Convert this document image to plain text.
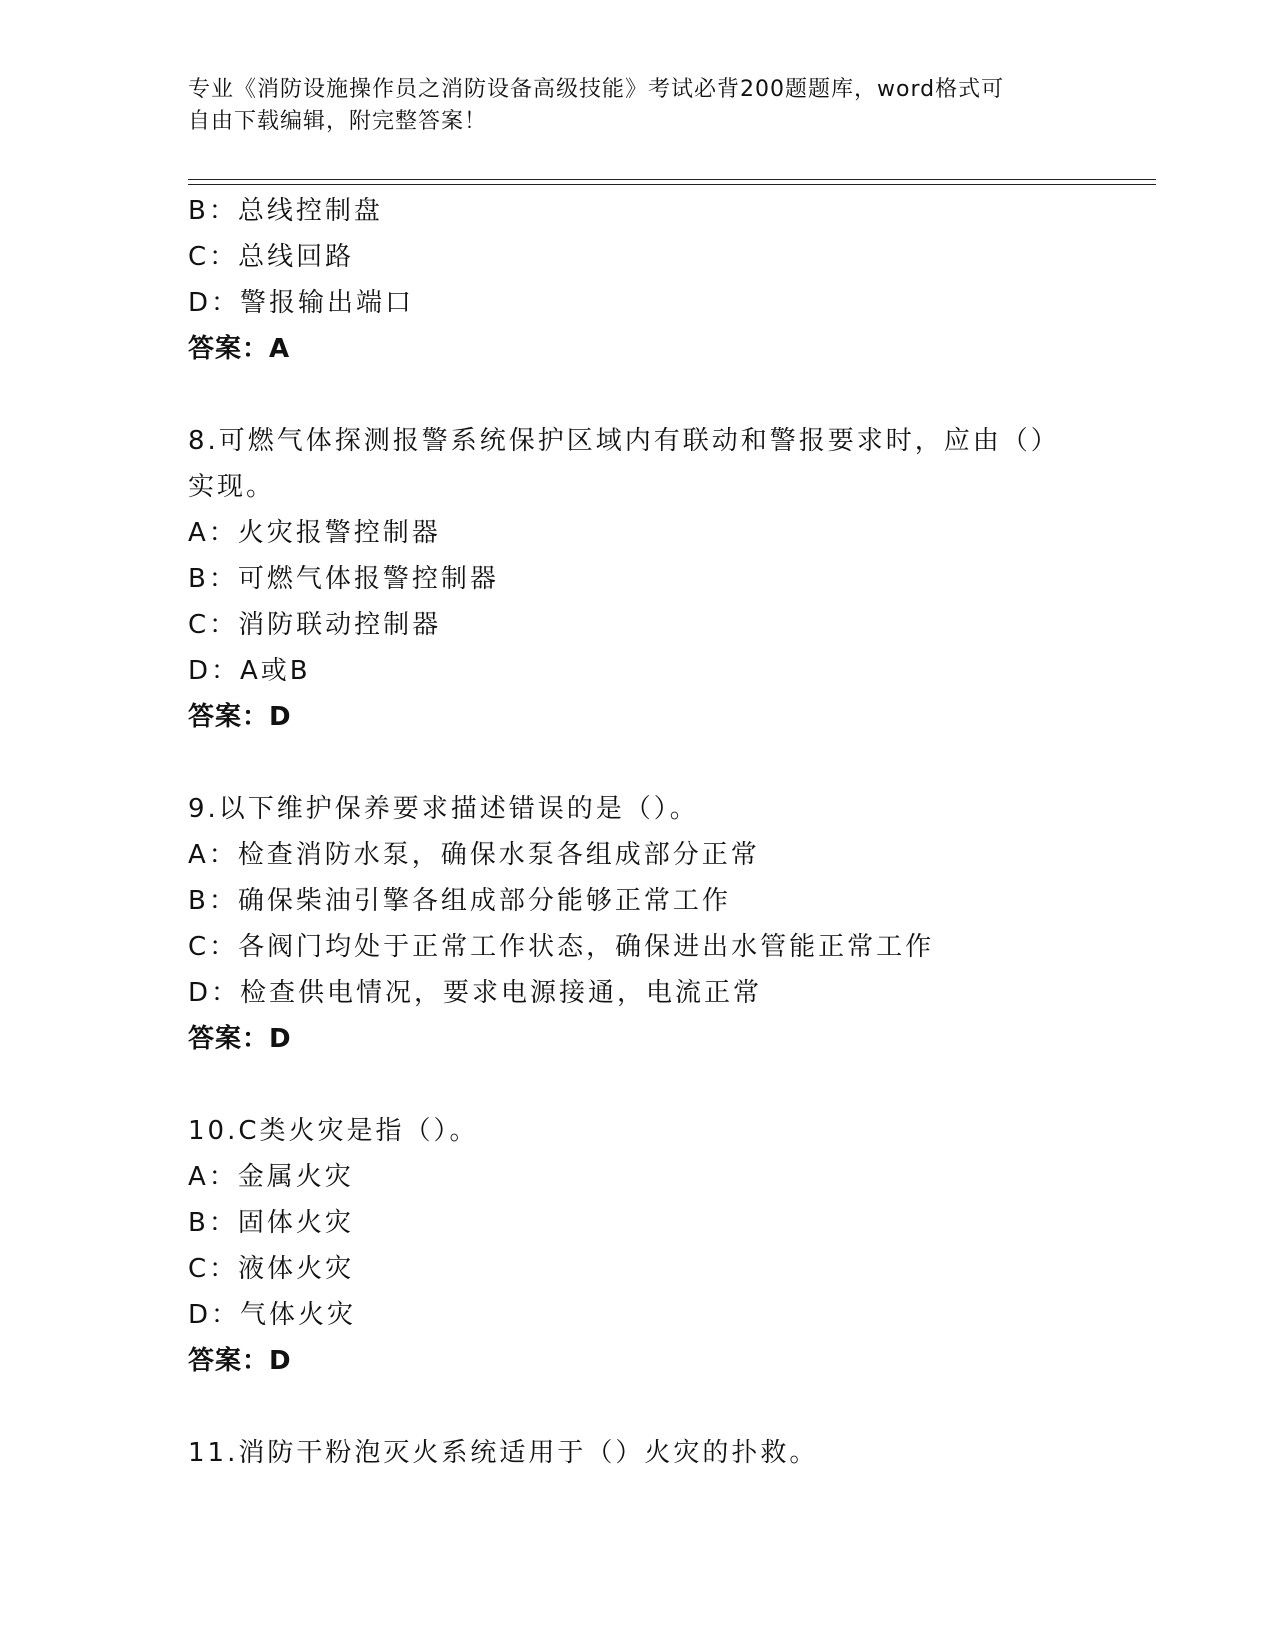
专业《消防设施操作员之消防设备高级技能》考试必背200题题库，word格式可
自由下载编辑，附完整答案！
B：总线控制盘
C：总线回路
D：警报输出端口
答案：A
8.可燃气体探测报警系统保护区域内有联动和警报要求时，应由（）
实现。
A：火灾报警控制器
B：可燃气体报警控制器
C：消防联动控制器
D：A或B
答案：D
9.以下维护保养要求描述错误的是（）。
A：检查消防水泵，确保水泵各组成部分正常
B：确保柴油引擎各组成部分能够正常工作
C：各阀门均处于正常工作状态，确保进出水管能正常工作
D：检查供电情况，要求电源接通，电流正常
答案：D
10.C类火灾是指（）。
A：金属火灾
B：固体火灾
C：液体火灾
D：气体火灾
答案：D
11.消防干粉泡灭火系统适用于（）火灾的扑救。
